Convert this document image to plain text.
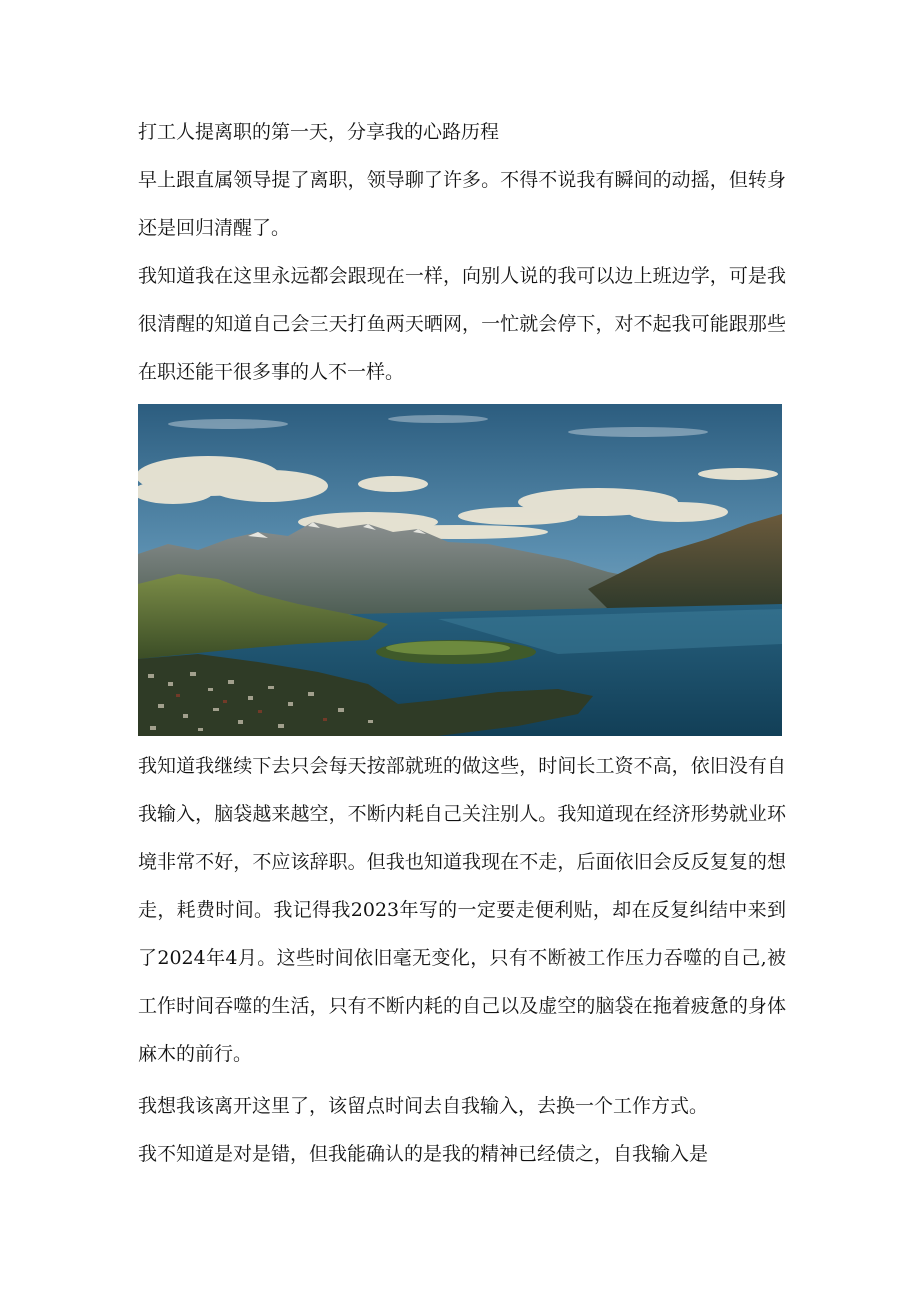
打工人提离职的第一天，分享我的心路历程
早上跟直属领导提了离职，领导聊了许多。不得不说我有瞬间的动摇，但转身还是回归清醒了。
我知道我在这里永远都会跟现在一样，向别人说的我可以边上班边学，可是我很清醒的知道自己会三天打鱼两天晒网，一忙就会停下，对不起我可能跟那些在职还能干很多事的人不一样。
我知道我继续下去只会每天按部就班的做这些，时间长工资不高，依旧没有自我输入，脑袋越来越空，不断内耗自己关注别人。我知道现在经济形势就业环境非常不好，不应该辞职。但我也知道我现在不走，后面依旧会反反复复的想走，耗费时间。我记得我2023年写的一定要走便利贴，却在反复纠结中来到了2024年4月。这些时间依旧毫无变化，只有不断被工作压力吞噬的自己,被工作时间吞噬的生活，只有不断内耗的自己以及虚空的脑袋在拖着疲惫的身体麻木的前行。
我想我该离开这里了，该留点时间去自我输入，去换一个工作方式。
我不知道是对是错，但我能确认的是我的精神已经债之，自我输入是
